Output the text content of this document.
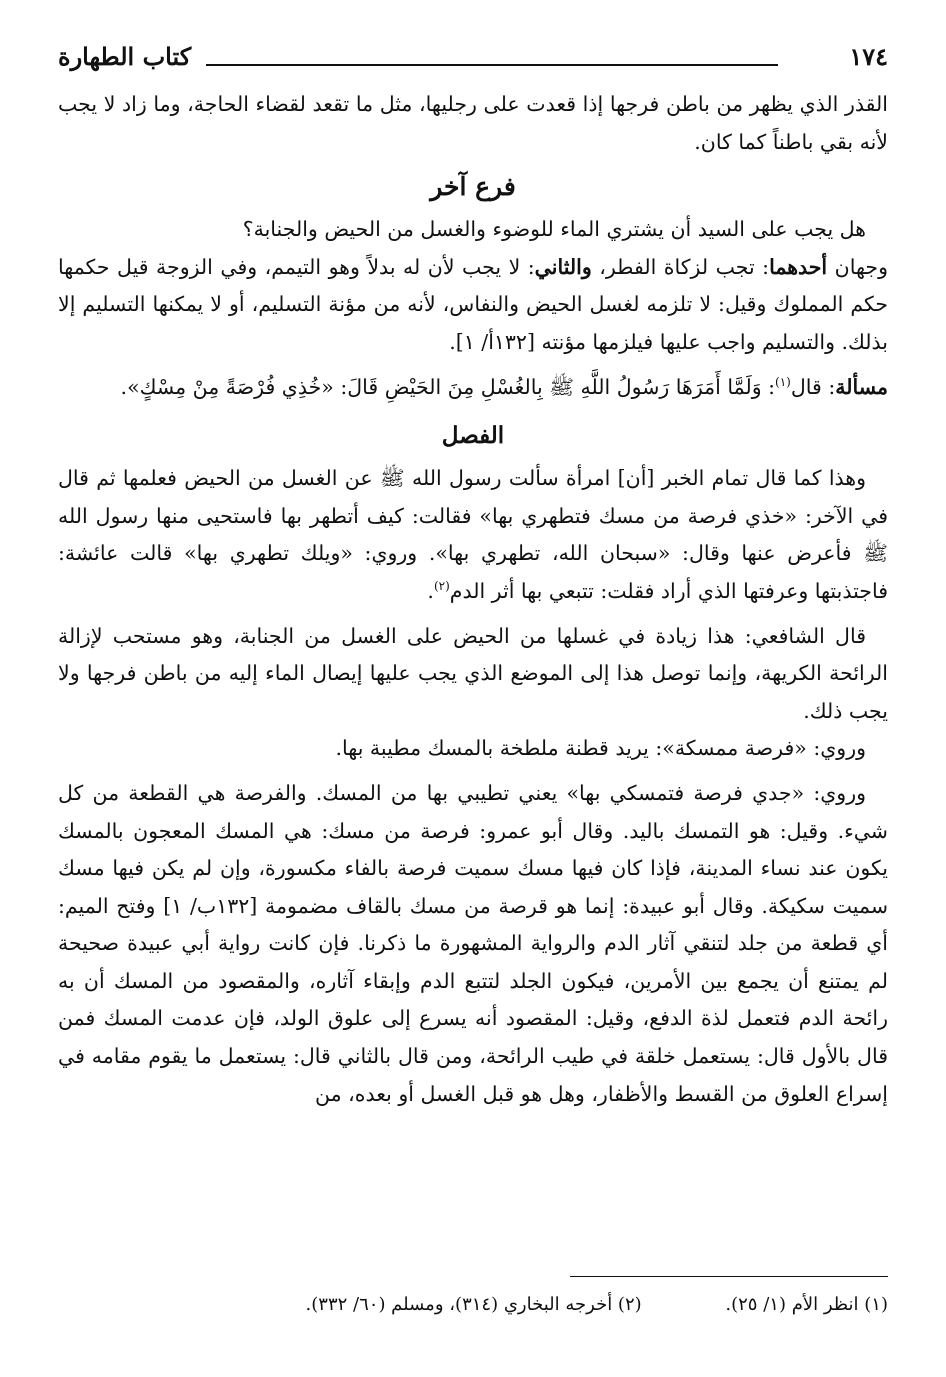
١٧٤
كتاب الطهارة

القذر الذي يظهر من باطن فرجها إذا قعدت على رجليها، مثل ما تقعد لقضاء الحاجة، وما زاد لا يجب لأنه بقي باطناً كما كان.

فرع آخر

هل يجب على السيد أن يشتري الماء للوضوء والغسل من الحيض والجنابة؟

وجهان أحدهما: تجب لزكاة الفطر، والثاني: لا يجب لأن له بدلاً وهو التيمم، وفي الزوجة قيل حكمها حكم المملوك وقيل: لا تلزمه لغسل الحيض والنفاس، لأنه من مؤنة التسليم، أو لا يمكنها التسليم إلا بذلك. والتسليم واجب عليها فيلزمها مؤنته [١٣٢أ/ ١].

مسألة: قال$^{(١)}$: وَلَمَّا أَمَرَهَا رَسُولُ اللَّهِ ﷺ بِالغُسْلِ مِنَ الحَيْضِ قَالَ: «خُذِي فُرْصَةً مِنْ مِسْكٍ».

الفصل

وهذا كما قال تمام الخبر [أن] امرأة سألت رسول الله ﷺ عن الغسل من الحيض فعلمها ثم قال في الآخر: «خذي فرصة من مسك فتطهري بها» فقالت: كيف أتطهر بها فاستحيى منها رسول الله ﷺ فأعرض عنها وقال: «سبحان الله، تطهري بها». وروي: «ويلك تطهري بها» قالت عائشة: فاجتذبتها وعرفتها الذي أراد فقلت: تتبعي بها أثر الدم$^{(٢)}$.

قال الشافعي: هذا زيادة في غسلها من الحيض على الغسل من الجنابة، وهو مستحب لإزالة الرائحة الكريهة، وإنما توصل هذا إلى الموضع الذي يجب عليها إيصال الماء إليه من باطن فرجها ولا يجب ذلك.

وروي: «فرصة ممسكة»: يريد قطنة ملطخة بالمسك مطيبة بها.

وروي: «جدي فرصة فتمسكي بها» يعني تطيبي بها من المسك. والفرصة هي القطعة من كل شيء. وقيل: هو التمسك باليد. وقال أبو عمرو: فرصة من مسك: هي المسك المعجون بالمسك يكون عند نساء المدينة، فإذا كان فيها مسك سميت فرصة بالفاء مكسورة، وإن لم يكن فيها مسك سميت سكيكة. وقال أبو عبيدة: إنما هو قرصة من مسك بالقاف مضمومة [١٣٢ب/ ١] وفتح الميم: أي قطعة من جلد لتنقي آثار الدم والرواية المشهورة ما ذكرنا. فإن كانت رواية أبي عبيدة صحيحة لم يمتنع أن يجمع بين الأمرين، فيكون الجلد لتتبع الدم وإبقاء آثاره، والمقصود من المسك أن به رائحة الدم فتعمل لذة الدفع، وقيل: المقصود أنه يسرع إلى علوق الولد، فإن عدمت المسك فمن قال بالأول قال: يستعمل خلقة في طيب الرائحة، ومن قال بالثاني قال: يستعمل ما يقوم مقامه في إسراع العلوق من القسط والأظفار، وهل هو قبل الغسل أو بعده، من

(١) انظر الأم (١/ ٢٥). (٢) أخرجه البخاري (٣١٤)، ومسلم (٦٠/ ٣٣٢).
